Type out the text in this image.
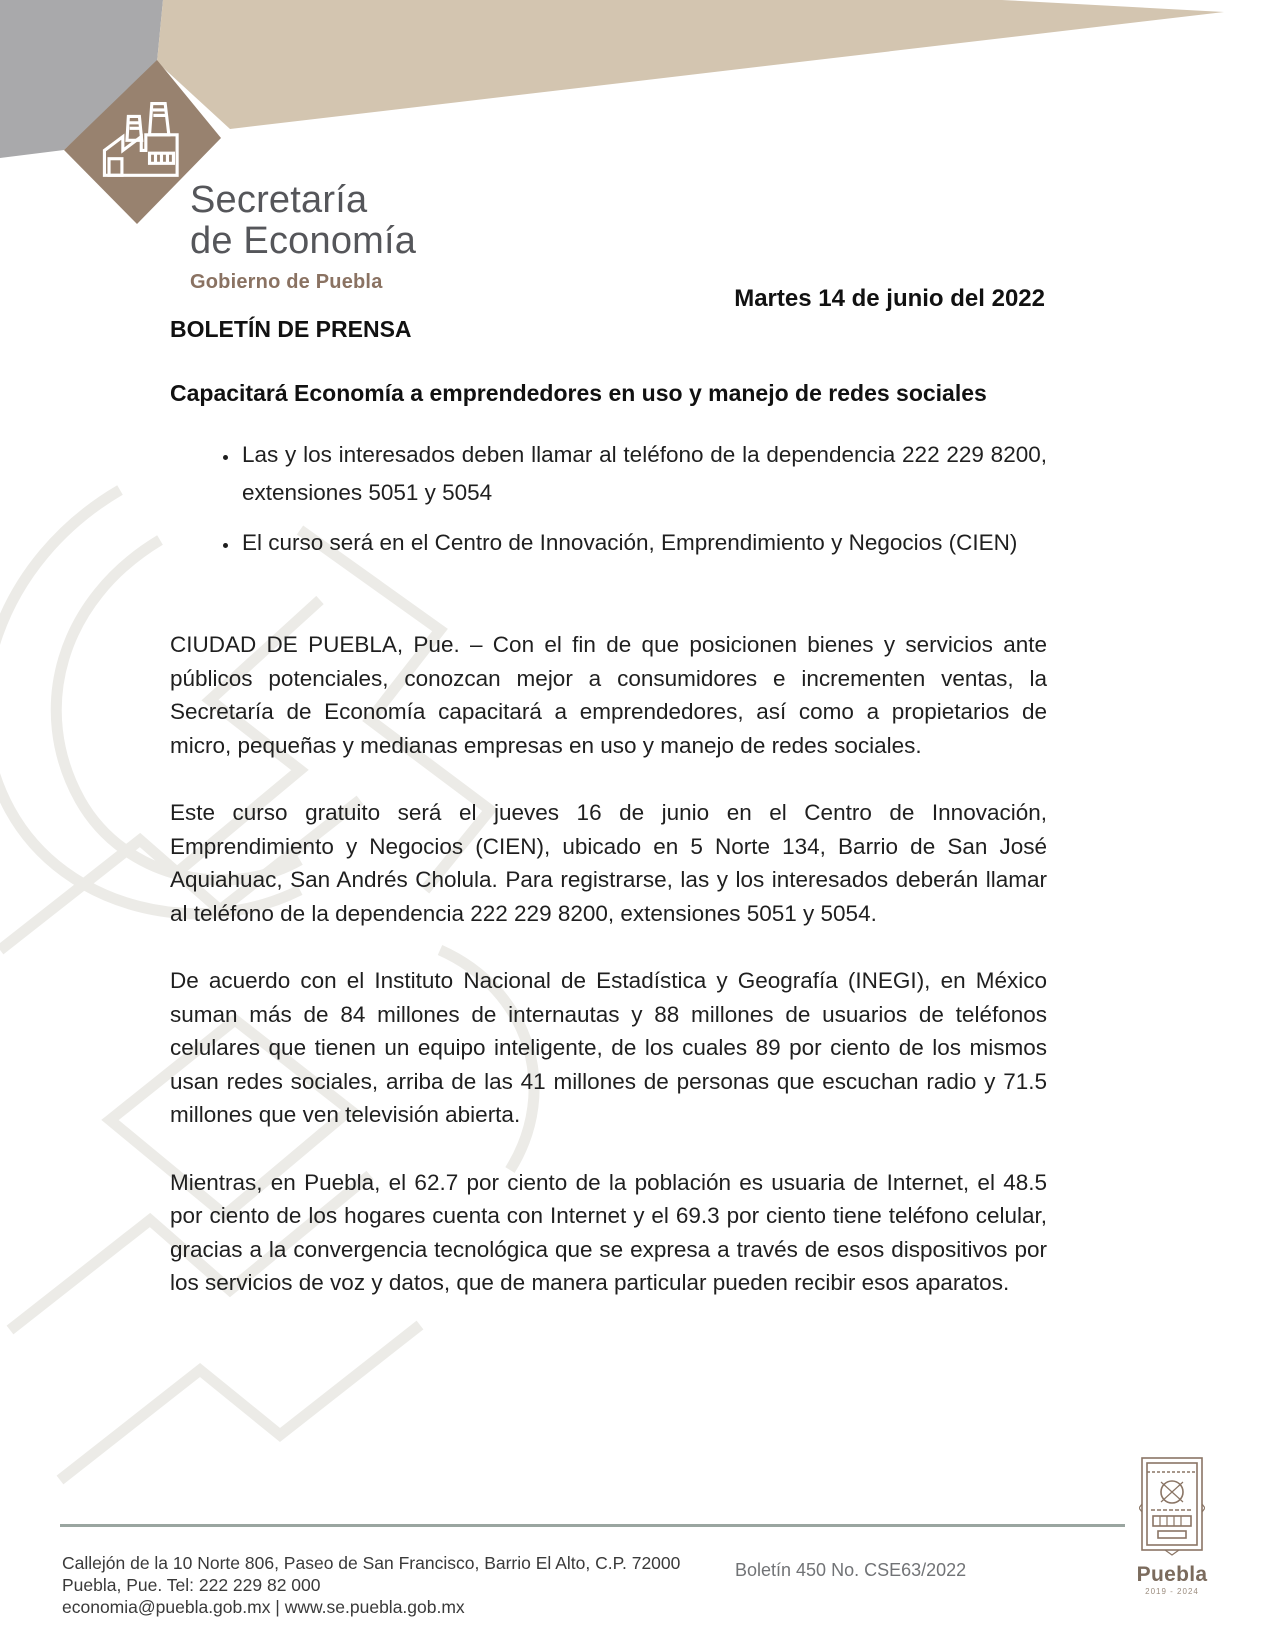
Secretaría
de Economía
Gobierno de Puebla
Martes 14 de junio del 2022
BOLETÍN DE PRENSA
Capacitará Economía a emprendedores en uso y manejo de redes sociales
• Las y los interesados deben llamar al teléfono de la dependencia 222 229 8200, extensiones 5051 y 5054
• El curso será en el Centro de Innovación, Emprendimiento y Negocios (CIEN)

CIUDAD DE PUEBLA, Pue. – Con el fin de que posicionen bienes y servicios ante públicos potenciales, conozcan mejor a consumidores e incrementen ventas, la Secretaría de Economía capacitará a emprendedores, así como a propietarios de micro, pequeñas y medianas empresas en uso y manejo de redes sociales.

Este curso gratuito será el jueves 16 de junio en el Centro de Innovación, Emprendimiento y Negocios (CIEN), ubicado en 5 Norte 134, Barrio de San José Aquiahuac, San Andrés Cholula. Para registrarse, las y los interesados deberán llamar al teléfono de la dependencia 222 229 8200, extensiones 5051 y 5054.

De acuerdo con el Instituto Nacional de Estadística y Geografía (INEGI), en México suman más de 84 millones de internautas y 88 millones de usuarios de teléfonos celulares que tienen un equipo inteligente, de los cuales 89 por ciento de los mismos usan redes sociales, arriba de las 41 millones de personas que escuchan radio y 71.5 millones que ven televisión abierta.

Mientras, en Puebla, el 62.7 por ciento de la población es usuaria de Internet, el 48.5 por ciento de los hogares cuenta con Internet y el 69.3 por ciento tiene teléfono celular, gracias a la convergencia tecnológica que se expresa a través de esos dispositivos por los servicios de voz y datos, que de manera particular pueden recibir esos aparatos.

Callejón de la 10 Norte 806, Paseo de San Francisco, Barrio El Alto, C.P. 72000
Puebla, Pue. Tel: 222 229 82 000
economia@puebla.gob.mx | www.se.puebla.gob.mx
Boletín 450 No. CSE63/2022	Puebla
2019 - 2024
